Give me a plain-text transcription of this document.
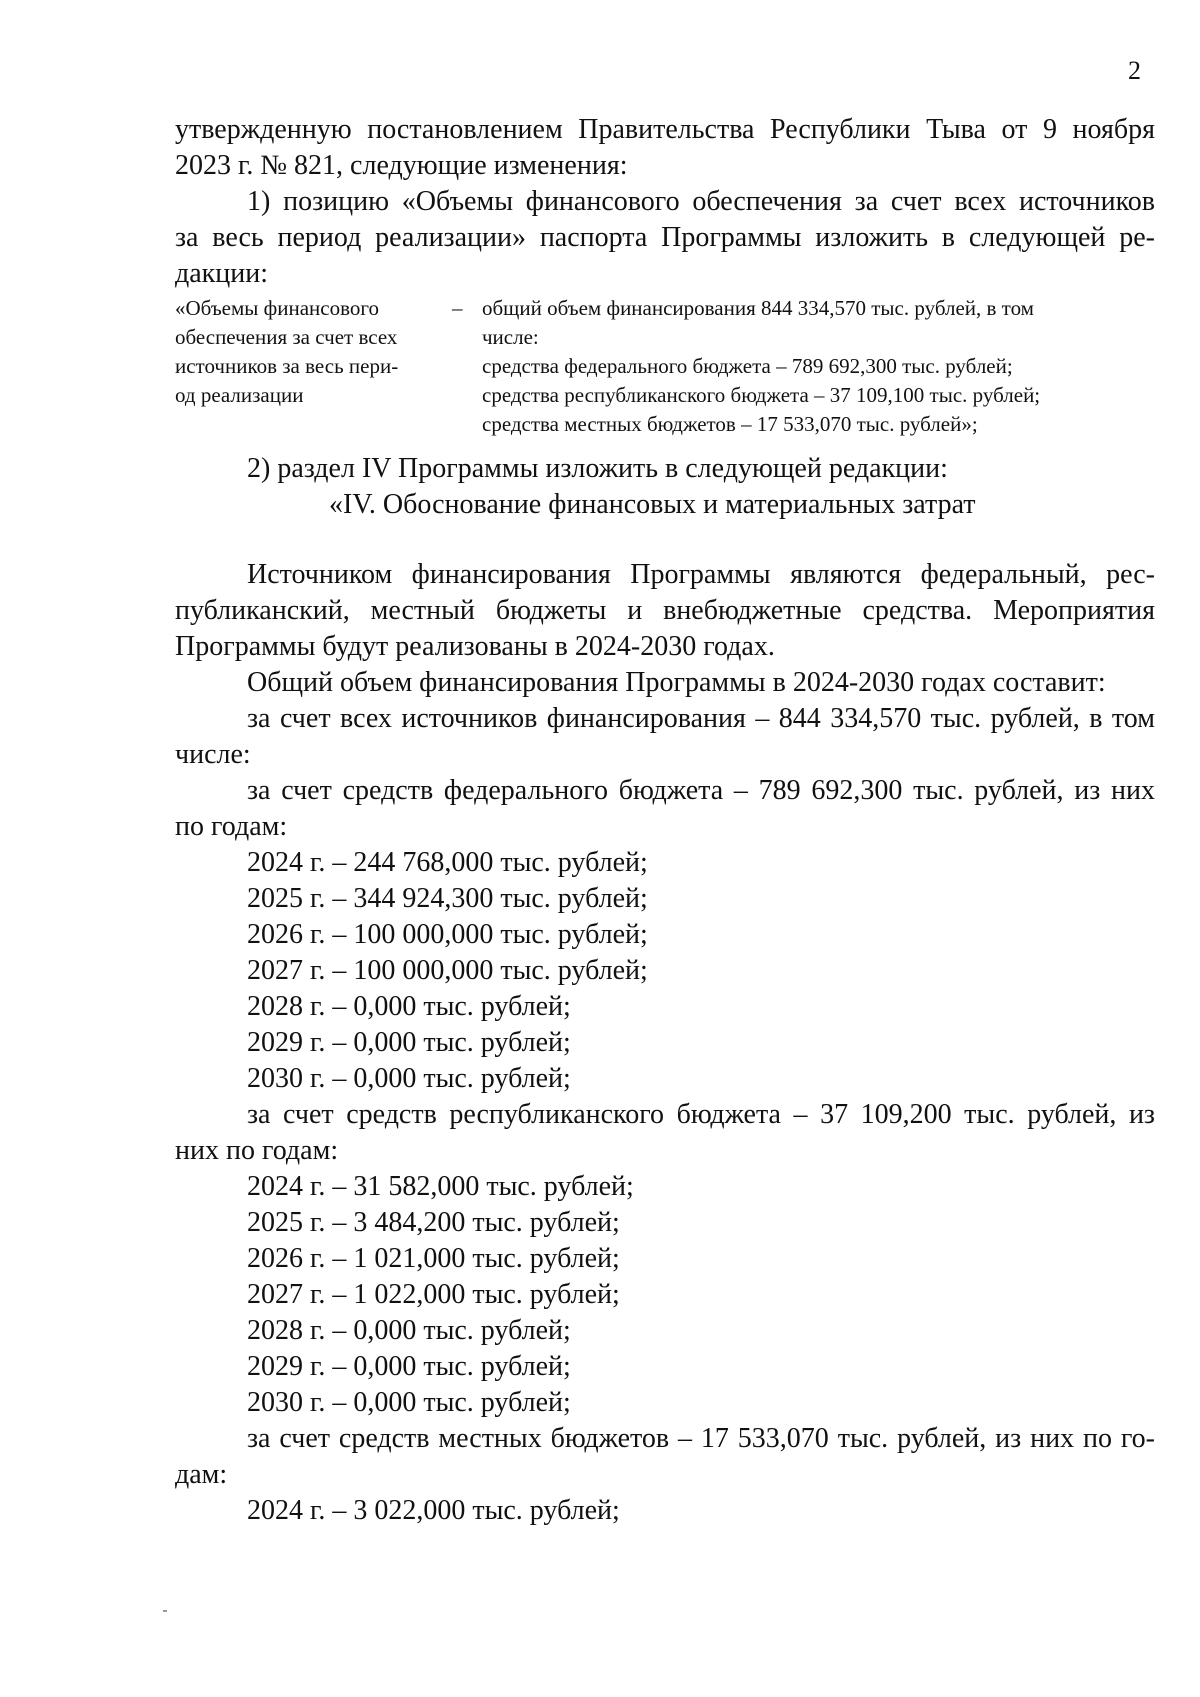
2
утвержденную постановлением Правительства Республики Тыва от 9 ноября
2023 г. № 821, следующие изменения:
1) позицию «Объемы финансового обеспечения за счет всех источников
за весь период реализации» паспорта Программы изложить в следующей ре-
дакции:
«Объемы финансового
обеспечения за счет всех
источников за весь пери-
од реализации
– общий объем финансирования 844 334,570 тыс. рублей, в том
числе:
средства федерального бюджета – 789 692,300 тыс. рублей;
средства республиканского бюджета – 37 109,100 тыс. рублей;
средства местных бюджетов – 17 533,070 тыс. рублей»;
2) раздел IV Программы изложить в следующей редакции:
«IV. Обоснование финансовых и материальных затрат
Источником финансирования Программы являются федеральный, рес-
публиканский, местный бюджеты и внебюджетные средства. Мероприятия
Программы будут реализованы в 2024-2030 годах.
Общий объем финансирования Программы в 2024-2030 годах составит:
за счет всех источников финансирования – 844 334,570 тыс. рублей, в том
числе:
за счет средств федерального бюджета – 789 692,300 тыс. рублей, из них
по годам:
2024 г. – 244 768,000 тыс. рублей;
2025 г. – 344 924,300 тыс. рублей;
2026 г. – 100 000,000 тыс. рублей;
2027 г. – 100 000,000 тыс. рублей;
2028 г. – 0,000 тыс. рублей;
2029 г. – 0,000 тыс. рублей;
2030 г. – 0,000 тыс. рублей;
за счет средств республиканского бюджета – 37 109,200 тыс. рублей, из
них по годам:
2024 г. – 31 582,000 тыс. рублей;
2025 г. – 3 484,200 тыс. рублей;
2026 г. – 1 021,000 тыс. рублей;
2027 г. – 1 022,000 тыс. рублей;
2028 г. – 0,000 тыс. рублей;
2029 г. – 0,000 тыс. рублей;
2030 г. – 0,000 тыс. рублей;
за счет средств местных бюджетов – 17 533,070 тыс. рублей, из них по го-
дам:
2024 г. – 3 022,000 тыс. рублей;
